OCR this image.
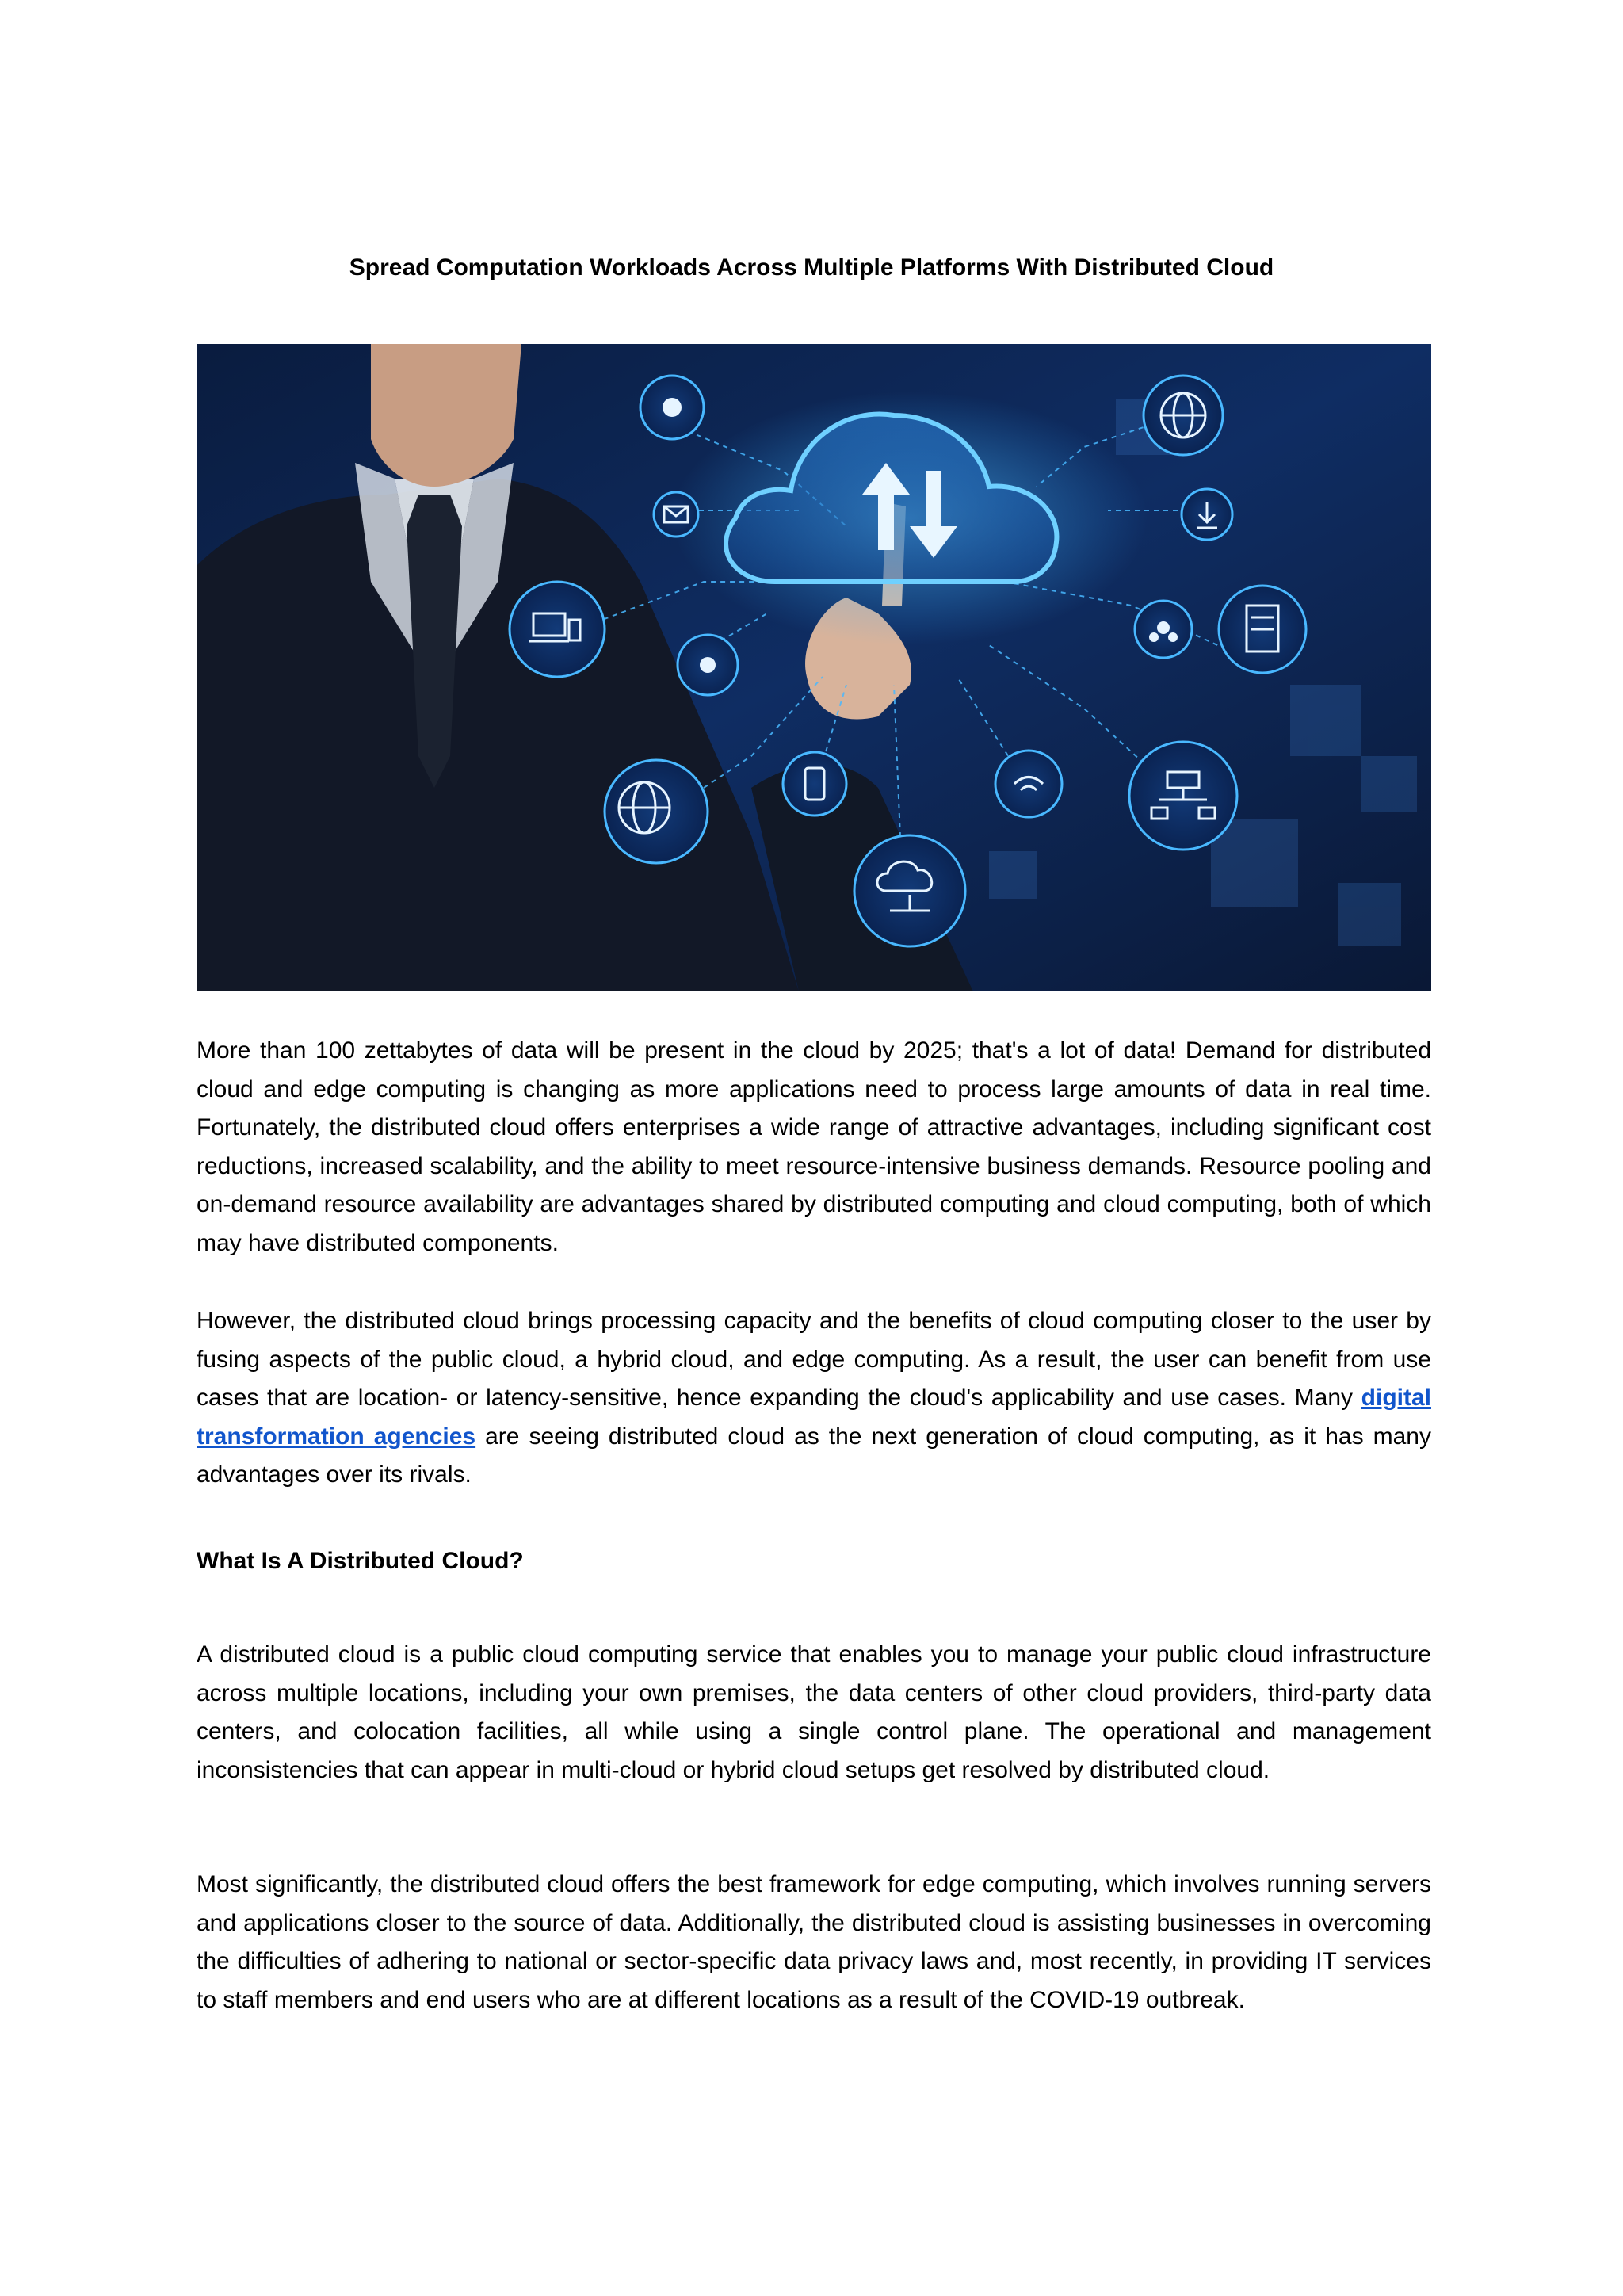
Spread Computation Workloads Across Multiple Platforms With Distributed Cloud

More than 100 zettabytes of data will be present in the cloud by 2025; that's a lot of data! Demand for distributed cloud and edge computing is changing as more applications need to process large amounts of data in real time. Fortunately, the distributed cloud offers enterprises a wide range of attractive advantages, including significant cost reductions, increased scalability, and the ability to meet resource-intensive business demands. Resource pooling and on-demand resource availability are advantages shared by distributed computing and cloud computing, both of which may have distributed components.

However, the distributed cloud brings processing capacity and the benefits of cloud computing closer to the user by fusing aspects of the public cloud, a hybrid cloud, and edge computing. As a result, the user can benefit from use cases that are location- or latency-sensitive, hence expanding the cloud's applicability and use cases. Many digital transformation agencies are seeing distributed cloud as the next generation of cloud computing, as it has many advantages over its rivals.

What Is A Distributed Cloud?

A distributed cloud is a public cloud computing service that enables you to manage your public cloud infrastructure across multiple locations, including your own premises, the data centers of other cloud providers, third-party data centers, and colocation facilities, all while using a single control plane. The operational and management inconsistencies that can appear in multi-cloud or hybrid cloud setups get resolved by distributed cloud.

Most significantly, the distributed cloud offers the best framework for edge computing, which involves running servers and applications closer to the source of data. Additionally, the distributed cloud is assisting businesses in overcoming the difficulties of adhering to national or sector-specific data privacy laws and, most recently, in providing IT services to staff members and end users who are at different locations as a result of the COVID-19 outbreak.
